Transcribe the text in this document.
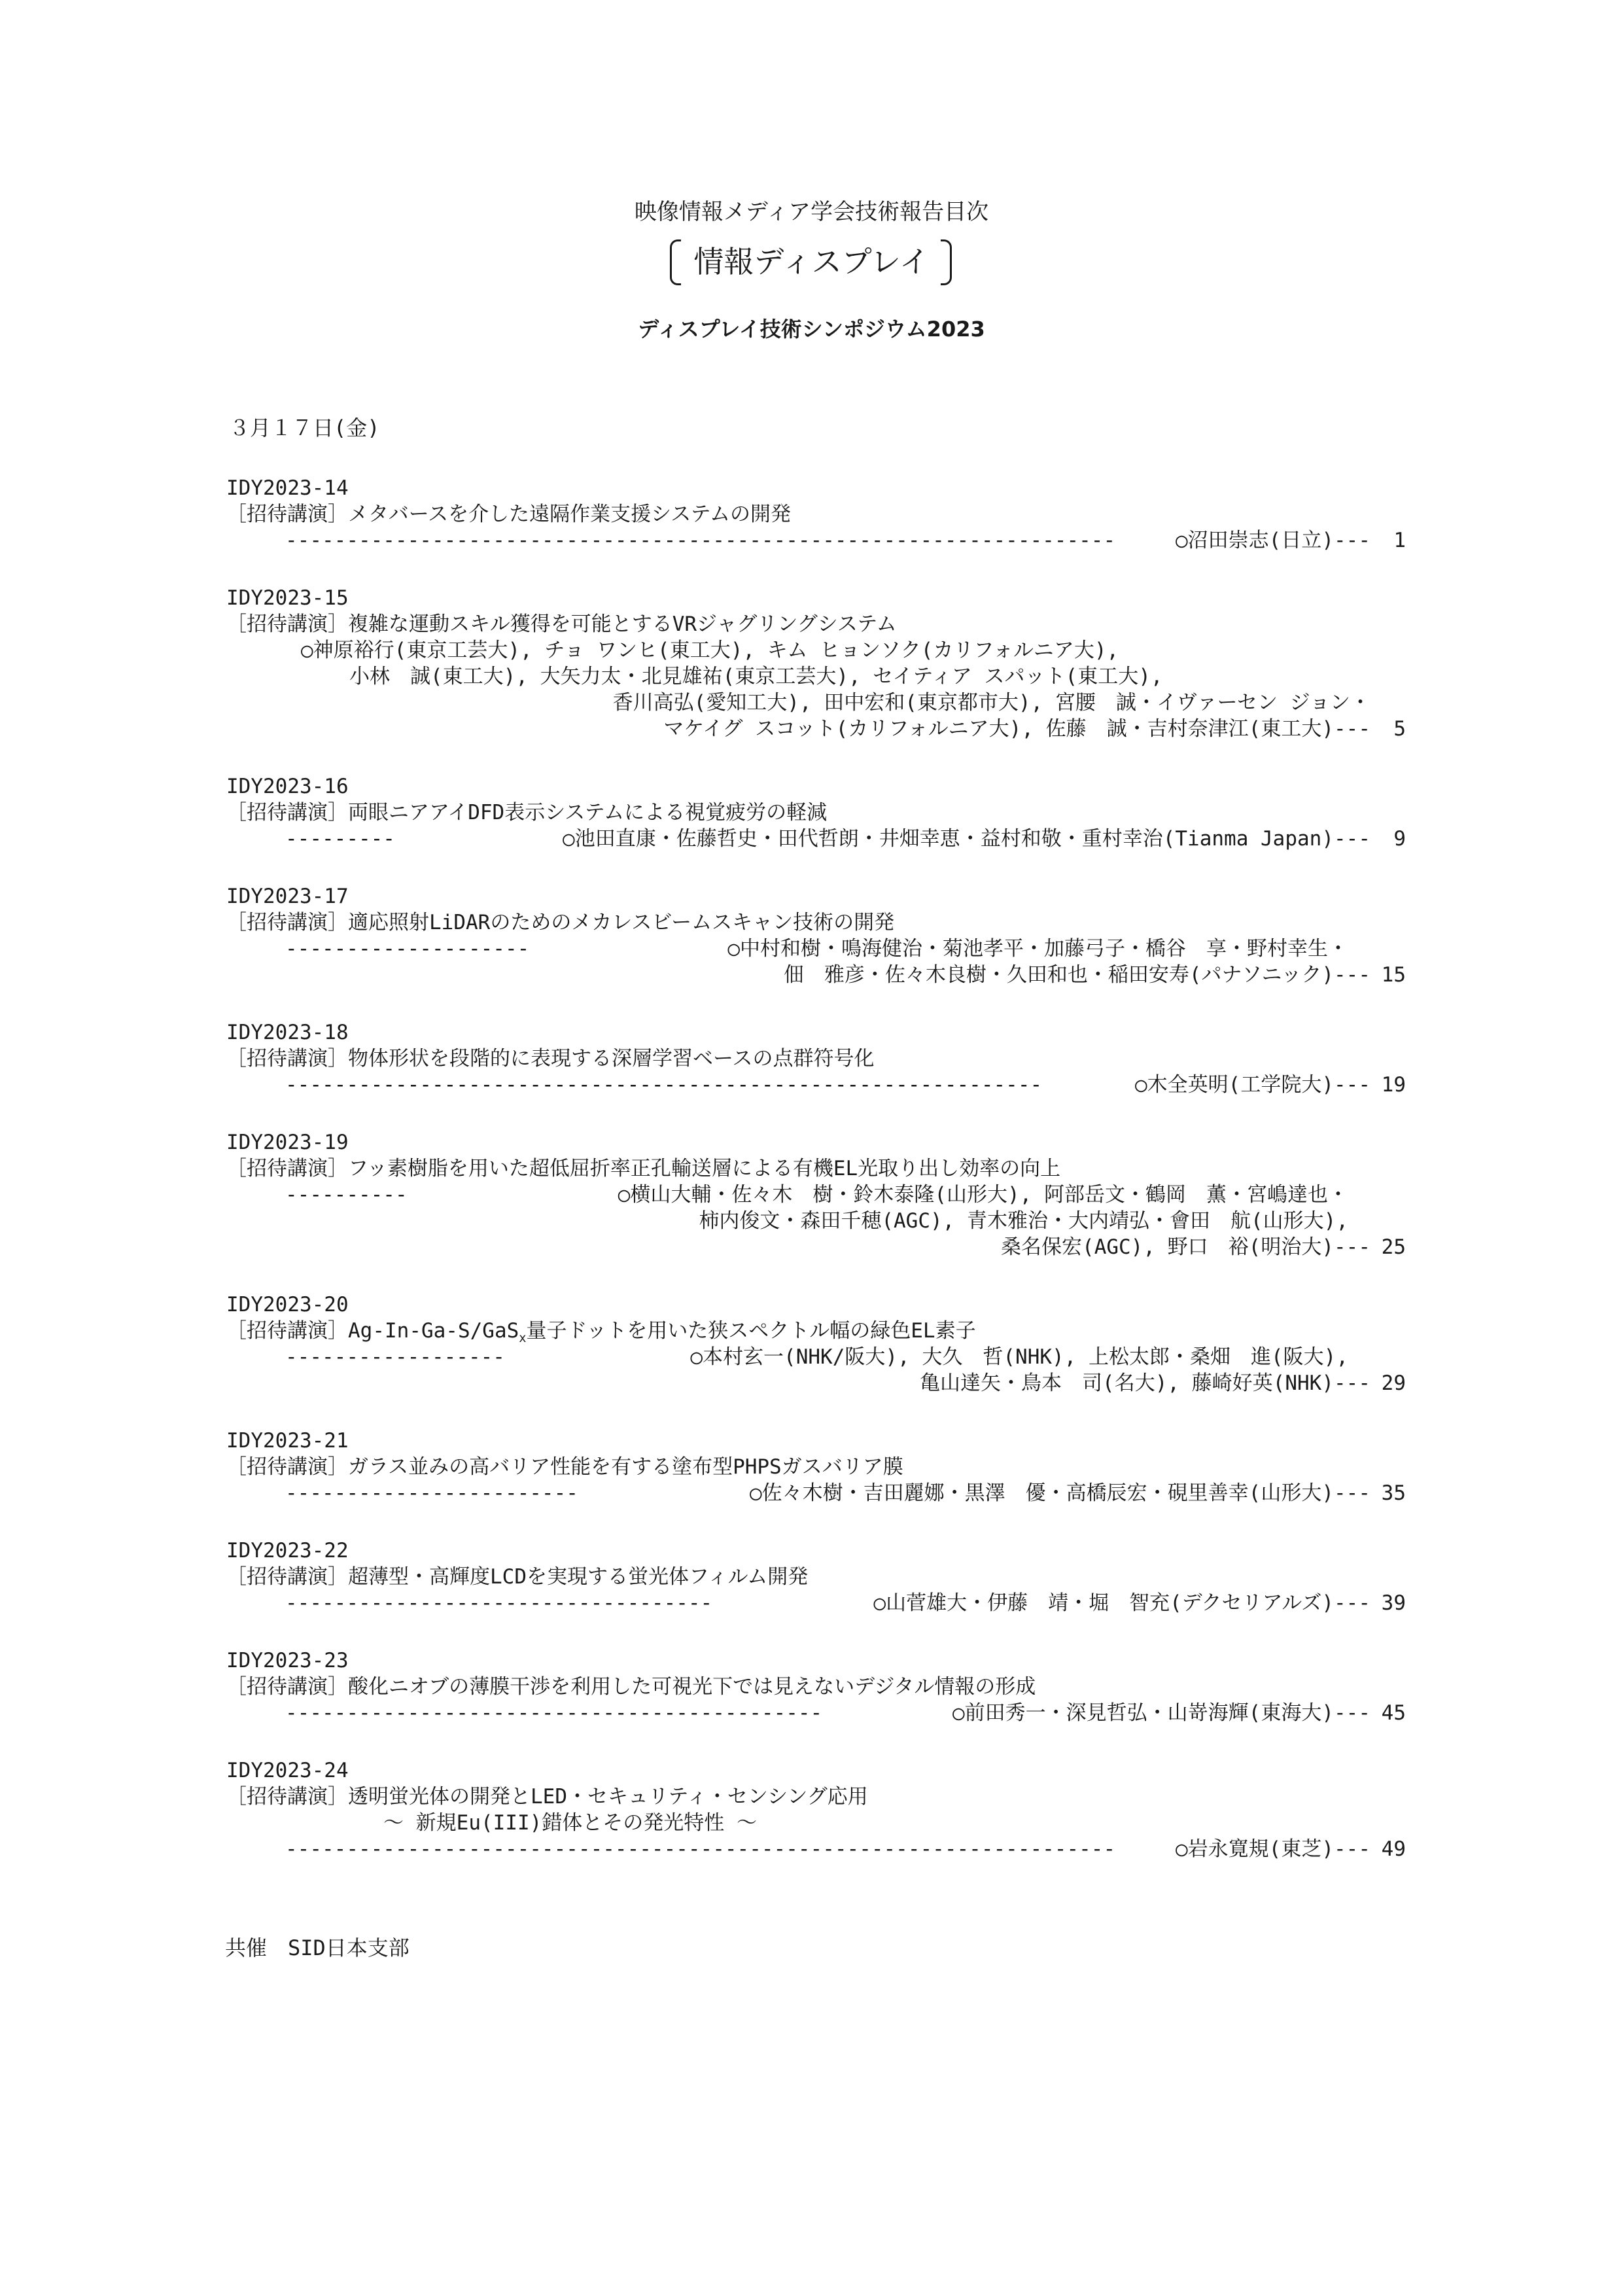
映像情報メディア学会技術報告目次
情報ディスプレイ
ディスプレイ技術シンポジウム2023
３月１７日(金)
IDY2023-14
［招待講演］メタバースを介した遠隔作業支援システムの開発
--------------------------------------------------------------------	○沼田崇志(日立)--- 1
IDY2023-15
［招待講演］複雑な運動スキル獲得を可能とするVRジャグリングシステム
○神原裕行(東京工芸大), チョ ワンヒ(東工大), キム ヒョンソク(カリフォルニア大),
小林　誠(東工大), 大矢力太・北見雄祐(東京工芸大), セイティア スパット(東工大),
香川高弘(愛知工大), 田中宏和(東京都市大), 宮腰　誠・イヴァーセン ジョン・
マケイグ スコット(カリフォルニア大), 佐藤　誠・吉村奈津江(東工大)--- 5
IDY2023-16
［招待講演］両眼ニアアイDFD表示システムによる視覚疲労の軽減
---------	○池田直康・佐藤哲史・田代哲朗・井畑幸恵・益村和敬・重村幸治(Tianma Japan)--- 9
IDY2023-17
［招待講演］適応照射LiDARのためのメカレスビームスキャン技術の開発
--------------------	○中村和樹・鳴海健治・菊池孝平・加藤弓子・橋谷　享・野村幸生・
佃　雅彦・佐々木良樹・久田和也・稲田安寿(パナソニック)--- 15
IDY2023-18
［招待講演］物体形状を段階的に表現する深層学習ベースの点群符号化
--------------------------------------------------------------	○木全英明(工学院大)--- 19
IDY2023-19
［招待講演］フッ素樹脂を用いた超低屈折率正孔輸送層による有機EL光取り出し効率の向上
----------	○横山大輔・佐々木　樹・鈴木泰隆(山形大), 阿部岳文・鶴岡　薫・宮嶋達也・
柿内俊文・森田千穂(AGC), 青木雅治・大内靖弘・會田　航(山形大),
桑名保宏(AGC), 野口　裕(明治大)--- 25
IDY2023-20
［招待講演］Ag-In-Ga-S/GaS$_x$量子ドットを用いた狭スペクトル幅の緑色EL素子
------------------	○本村玄一(NHK/阪大), 大久　哲(NHK), 上松太郎・桑畑　進(阪大),
亀山達矢・鳥本　司(名大), 藤崎好英(NHK)--- 29
IDY2023-21
［招待講演］ガラス並みの高バリア性能を有する塗布型PHPSガスバリア膜
------------------------	○佐々木樹・吉田麗娜・黒澤　優・高橋辰宏・硯里善幸(山形大)--- 35
IDY2023-22
［招待講演］超薄型・高輝度LCDを実現する蛍光体フィルム開発
-----------------------------------	○山菅雄大・伊藤　靖・堀　智充(デクセリアルズ)--- 39
IDY2023-23
［招待講演］酸化ニオブの薄膜干渉を利用した可視光下では見えないデジタル情報の形成
--------------------------------------------	○前田秀一・深見哲弘・山嵜海輝(東海大)--- 45
IDY2023-24
［招待講演］透明蛍光体の開発とLED・セキュリティ・センシング応用
～ 新規Eu(III)錯体とその発光特性 ～
--------------------------------------------------------------------	○岩永寛規(東芝)--- 49
共催　SID日本支部
